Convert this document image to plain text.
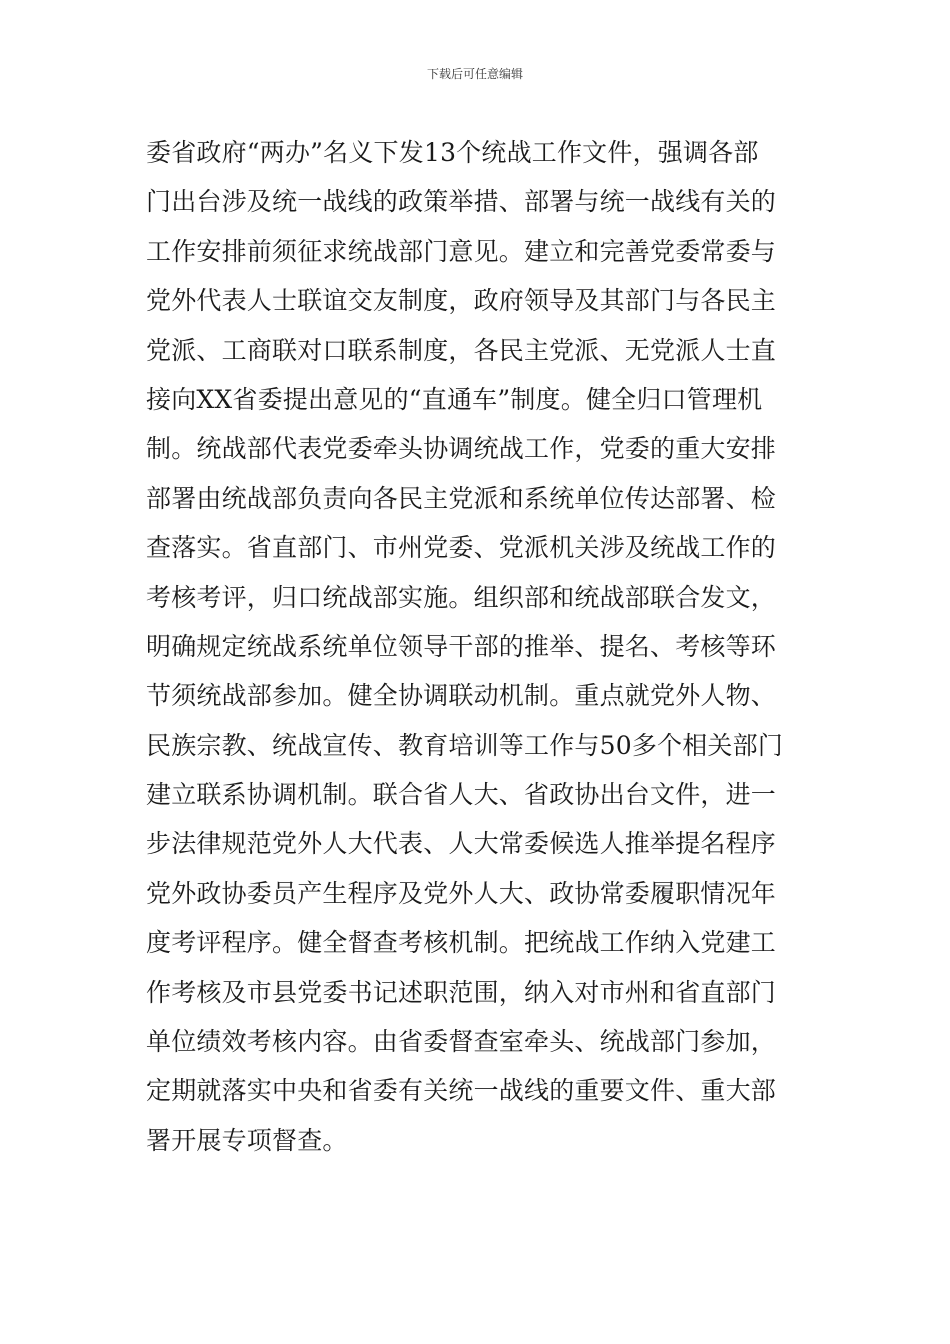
下载后可任意编辑
委省政府“两办”名义下发13个统战工作文件，强调各部
门出台涉及统一战线的政策举措、部署与统一战线有关的
工作安排前须征求统战部门意见。建立和完善党委常委与
党外代表人士联谊交友制度，政府领导及其部门与各民主
党派、工商联对口联系制度，各民主党派、无党派人士直
接向XX省委提出意见的“直通车”制度。健全归口管理机
制。统战部代表党委牵头协调统战工作，党委的重大安排
部署由统战部负责向各民主党派和系统单位传达部署、检
查落实。省直部门、市州党委、党派机关涉及统战工作的
考核考评，归口统战部实施。组织部和统战部联合发文，
明确规定统战系统单位领导干部的推举、提名、考核等环
节须统战部参加。健全协调联动机制。重点就党外人物、
民族宗教、统战宣传、教育培训等工作与50多个相关部门
建立联系协调机制。联合省人大、省政协出台文件，进一
步法律规范党外人大代表、人大常委候选人推举提名程序
党外政协委员产生程序及党外人大、政协常委履职情况年
度考评程序。健全督查考核机制。把统战工作纳入党建工
作考核及市县党委书记述职范围，纳入对市州和省直部门
单位绩效考核内容。由省委督查室牵头、统战部门参加，
定期就落实中央和省委有关统一战线的重要文件、重大部
署开展专项督查。
